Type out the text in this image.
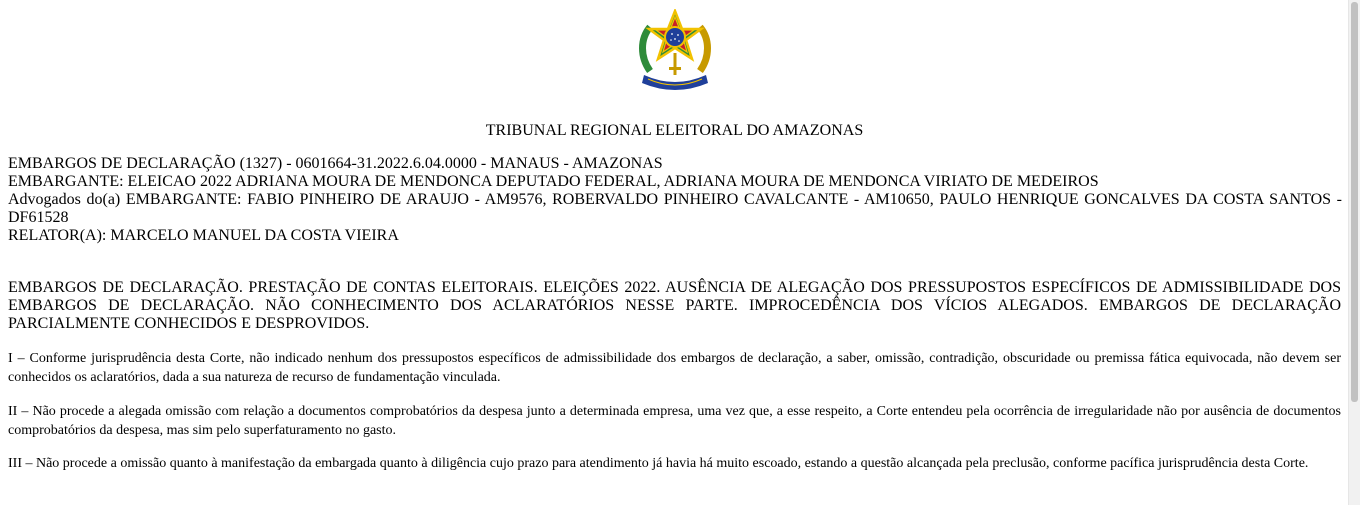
TRIBUNAL REGIONAL ELEITORAL DO AMAZONAS
EMBARGOS DE DECLARAÇÃO (1327) - 0601664-31.2022.6.04.0000 - MANAUS - AMAZONAS
EMBARGANTE: ELEICAO 2022 ADRIANA MOURA DE MENDONCA DEPUTADO FEDERAL, ADRIANA MOURA DE MENDONCA VIRIATO DE MEDEIROS
Advogados do(a) EMBARGANTE: FABIO PINHEIRO DE ARAUJO - AM9576, ROBERVALDO PINHEIRO CAVALCANTE - AM10650, PAULO HENRIQUE GONCALVES DA COSTA SANTOS - DF61528
RELATOR(A): MARCELO MANUEL DA COSTA VIEIRA
EMBARGOS DE DECLARAÇÃO. PRESTAÇÃO DE CONTAS ELEITORAIS. ELEIÇÕES 2022. AUSÊNCIA DE ALEGAÇÃO DOS PRESSUPOSTOS ESPECÍFICOS DE ADMISSIBILIDADE DOS EMBARGOS DE DECLARAÇÃO. NÃO CONHECIMENTO DOS ACLARATÓRIOS NESSE PARTE. IMPROCEDÊNCIA DOS VÍCIOS ALEGADOS. EMBARGOS DE DECLARAÇÃO PARCIALMENTE CONHECIDOS E DESPROVIDOS.
I – Conforme jurisprudência desta Corte, não indicado nenhum dos pressupostos específicos de admissibilidade dos embargos de declaração, a saber, omissão, contradição, obscuridade ou premissa fática equivocada, não devem ser conhecidos os aclaratórios, dada a sua natureza de recurso de fundamentação vinculada.
II – Não procede a alegada omissão com relação a documentos comprobatórios da despesa junto a determinada empresa, uma vez que, a esse respeito, a Corte entendeu pela ocorrência de irregularidade não por ausência de documentos comprobatórios da despesa, mas sim pelo superfaturamento no gasto.
III – Não procede a omissão quanto à manifestação da embargada quanto à diligência cujo prazo para atendimento já havia há muito escoado, estando a questão alcançada pela preclusão, conforme pacífica jurisprudência desta Corte.
